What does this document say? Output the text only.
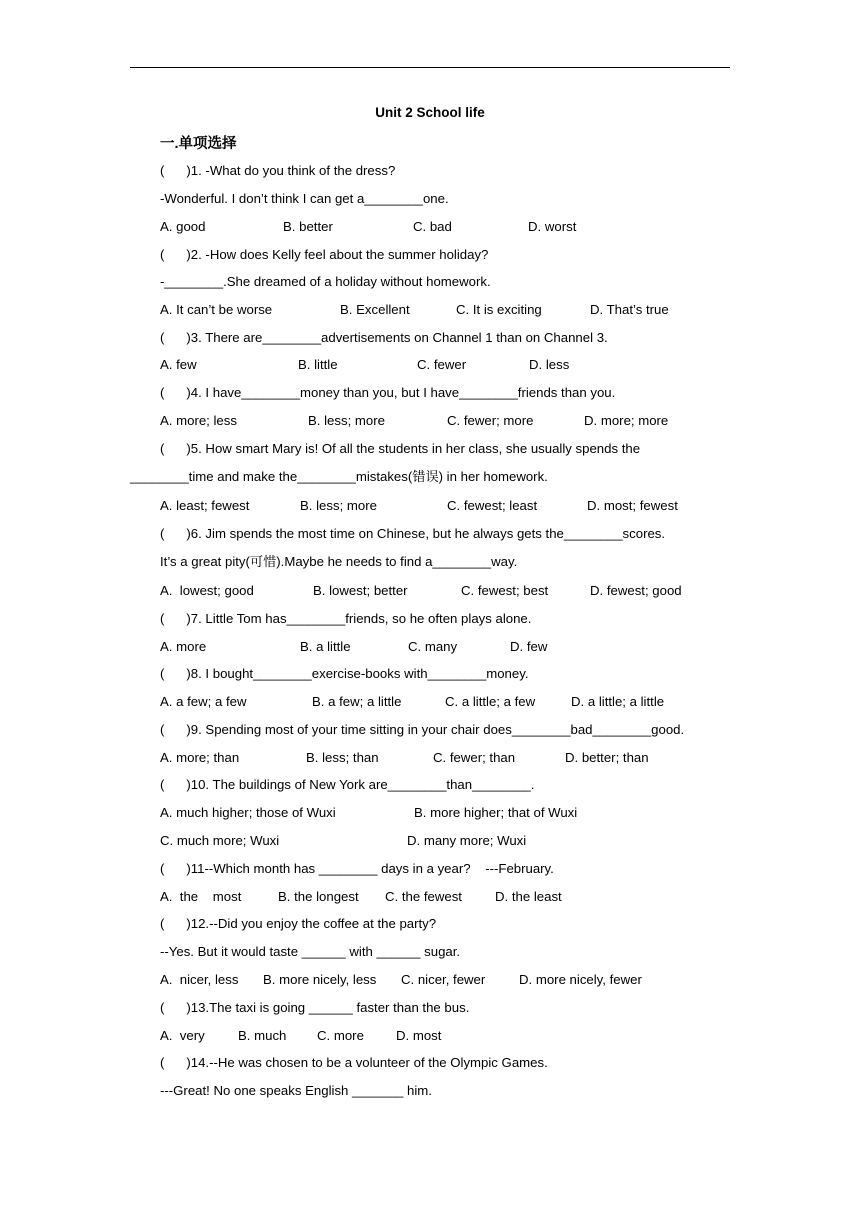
Unit 2 School life
一.单项选择
(      )1. -What do you think of the dress?
-Wonderful. I don’t think I can get a________one.
(      )2. -How does Kelly feel about the summer holiday?
-________.She dreamed of a holiday without homework.
(      )3. There are________advertisements on Channel 1 than on Channel 3.
(      )4. I have________money than you, but I have________friends than you.
(      )5. How smart Mary is! Of all the students in her class, she usually spends the
________time and make the________mistakes(错误) in her homework.
(      )6. Jim spends the most time on Chinese, but he always gets the________scores.
It’s a great pity(可惜).Maybe he needs to find a________way.
(      )7. Little Tom has________friends, so he often plays alone.
(      )8. I bought________exercise-books with________money.
(      )9. Spending most of your time sitting in your chair does________bad________good.
(      )10. The buildings of New York are________than________.
(      )11--Which month has ________ days in a year?    ---February.
(      )12.--Did you enjoy the coffee at the party?
--Yes. But it would taste ______ with ______ sugar.
(      )13.The taxi is going ______ faster than the bus.
(      )14.--He was chosen to be a volunteer of the Olympic Games.
---Great! No one speaks English _______ him.
A. good	B. better	C. bad	D. worst
A. It can’t be worse	B. Excellent	C. It is exciting	D. That’s true
A. few	B. little	C. fewer	D. less
A. more; less	B. less; more	C. fewer; more	D. more; more
A. least; fewest	B. less; more	C. fewest; least	D. most; fewest
A.  lowest; good	B. lowest; better	C. fewest; best	D. fewest; good
A. more	B. a little	C. many	D. few
A. a few; a few	B. a few; a little	C. a little; a few	D. a little; a little
A. more; than	B. less; than	C. fewer; than	D. better; than
A. much higher; those of Wuxi	B. more higher; that of Wuxi
C. much more; Wuxi	D. many more; Wuxi
A.  the    most	B. the longest C. the fewest	D. the least
A.  nicer, less B. more nicely, less C. nicer, fewer	D. more nicely, fewer
A.  very	B. much C. more D. most
